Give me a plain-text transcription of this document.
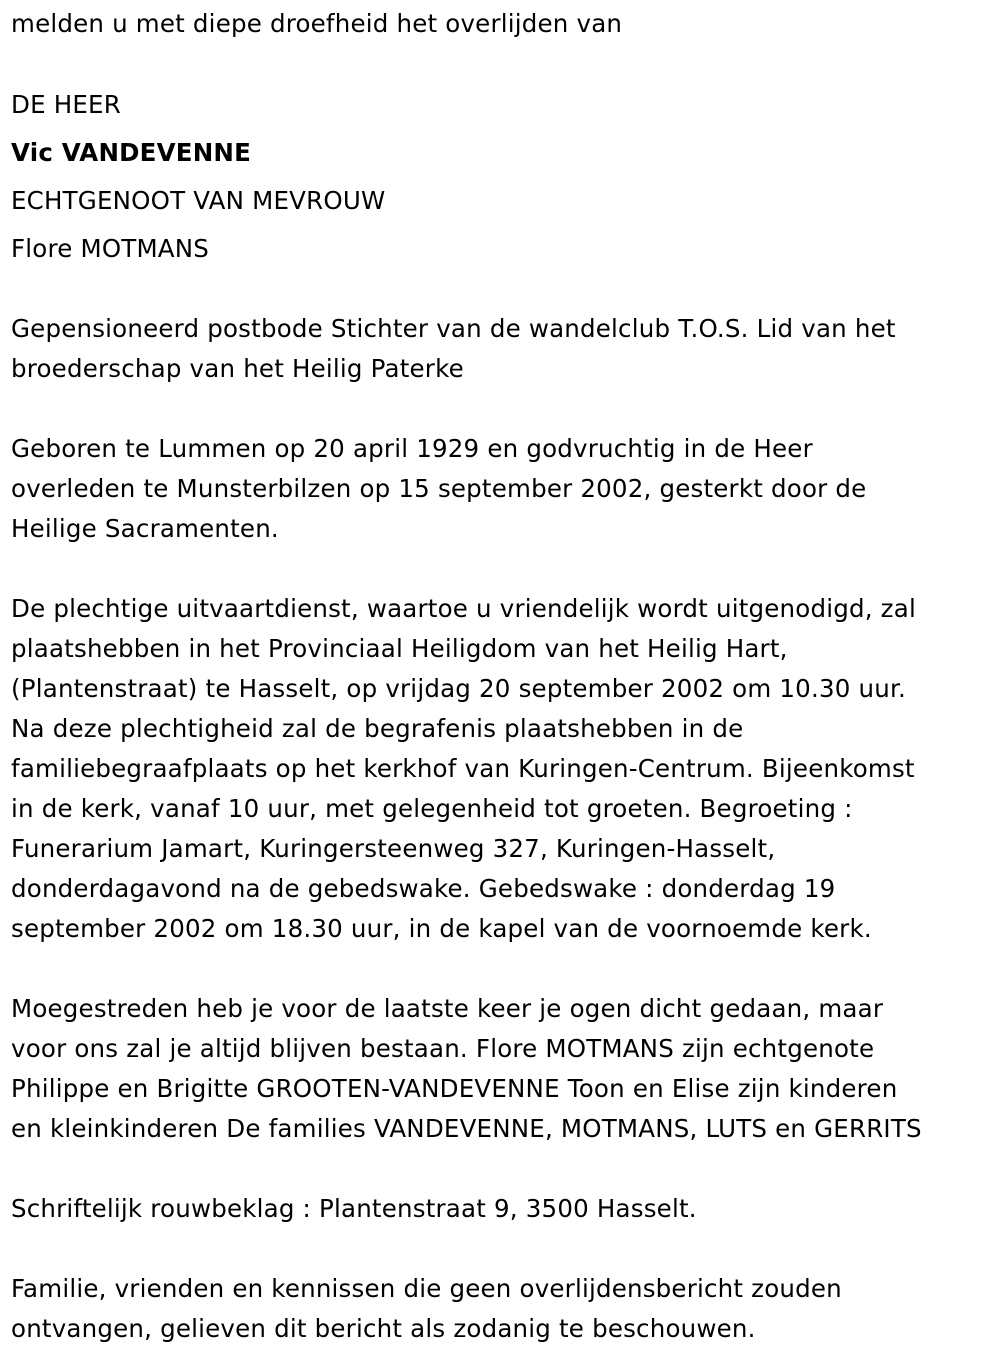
melden u met diepe droefheid het overlijden van
DE HEER
Vic VANDEVENNE
ECHTGENOOT VAN MEVROUW
Flore MOTMANS
Gepensioneerd postbode Stichter van de wandelclub T.O.S. Lid van het
broederschap van het Heilig Paterke
Geboren te Lummen op 20 april 1929 en godvruchtig in de Heer
overleden te Munsterbilzen op 15 september 2002, gesterkt door de
Heilige Sacramenten.
De plechtige uitvaartdienst, waartoe u vriendelijk wordt uitgenodigd, zal
plaatshebben in het Provinciaal Heiligdom van het Heilig Hart,
(Plantenstraat) te Hasselt, op vrijdag 20 september 2002 om 10.30 uur.
Na deze plechtigheid zal de begrafenis plaatshebben in de
familiebegraafplaats op het kerkhof van Kuringen-Centrum. Bijeenkomst
in de kerk, vanaf 10 uur, met gelegenheid tot groeten. Begroeting :
Funerarium Jamart, Kuringersteenweg 327, Kuringen-Hasselt,
donderdagavond na de gebedswake. Gebedswake : donderdag 19
september 2002 om 18.30 uur, in de kapel van de voornoemde kerk.
Moegestreden heb je voor de laatste keer je ogen dicht gedaan, maar
voor ons zal je altijd blijven bestaan. Flore MOTMANS zijn echtgenote
Philippe en Brigitte GROOTEN-VANDEVENNE Toon en Elise zijn kinderen
en kleinkinderen De families VANDEVENNE, MOTMANS, LUTS en GERRITS
Schriftelijk rouwbeklag : Plantenstraat 9, 3500 Hasselt.
Familie, vrienden en kennissen die geen overlijdensbericht zouden
ontvangen, gelieven dit bericht als zodanig te beschouwen.
